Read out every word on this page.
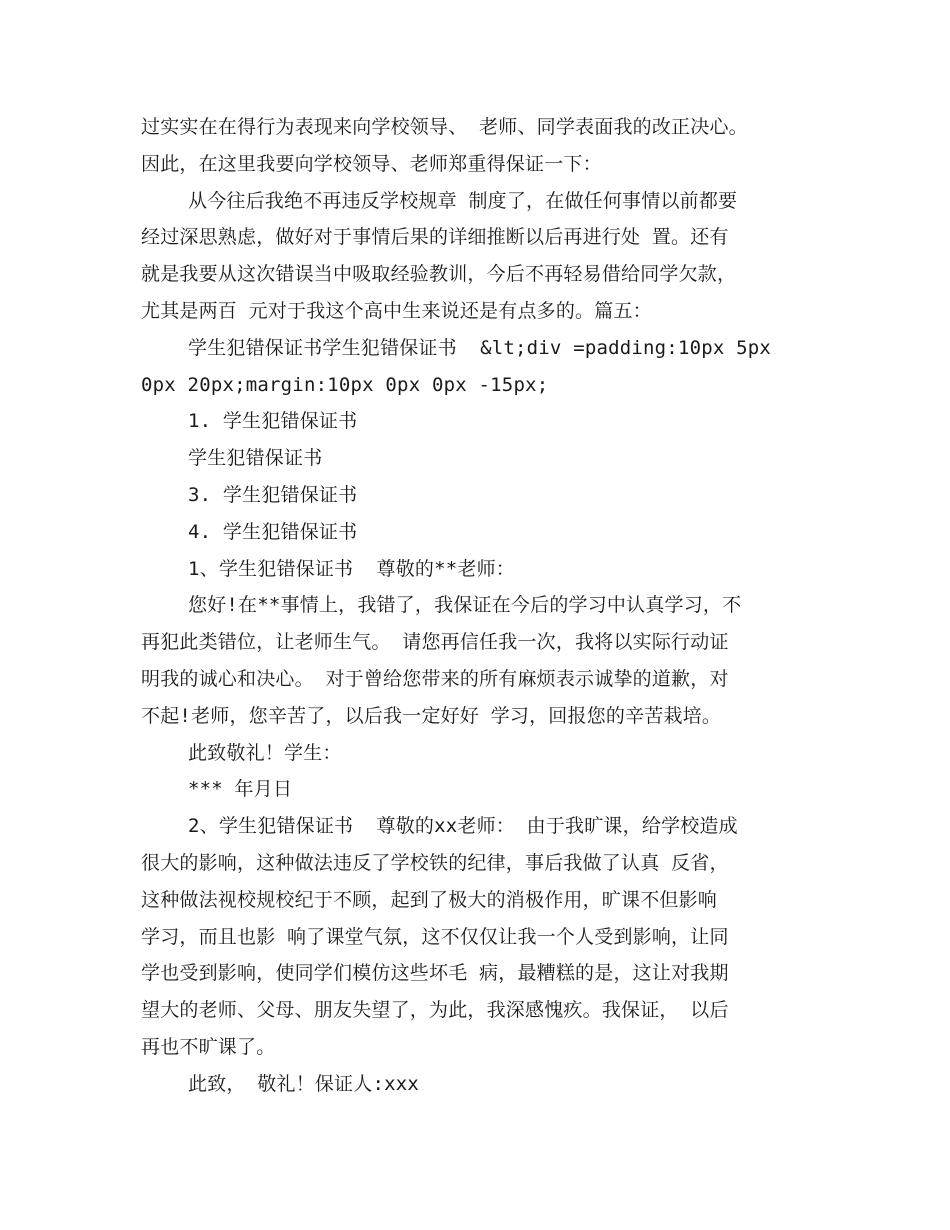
过实实在在得行为表现来向学校领导、 老师、同学表面我的改正决心。
因此，在这里我要向学校领导、老师郑重得保证一下：
从今往后我绝不再违反学校规章 制度了，在做任何事情以前都要
经过深思熟虑，做好对于事情后果的详细推断以后再进行处 置。还有
就是我要从这次错误当中吸取经验教训，今后不再轻易借给同学欠款，
尤其是两百 元对于我这个高中生来说还是有点多的。篇五：
学生犯错保证书学生犯错保证书  &lt;div =padding:10px 5px
0px 20px;margin:10px 0px 0px -15px;
1. 学生犯错保证书
学生犯错保证书
3. 学生犯错保证书
4. 学生犯错保证书
1、学生犯错保证书  尊敬的**老师：
您好!在**事情上，我错了，我保证在今后的学习中认真学习，不
再犯此类错位，让老师生气。 请您再信任我一次，我将以实际行动证
明我的诚心和决心。 对于曾给您带来的所有麻烦表示诚挚的道歉，对
不起!老师，您辛苦了，以后我一定好好 学习，回报您的辛苦栽培。
此致敬礼！学生：
*** 年月日
2、学生犯错保证书  尊敬的xx老师： 由于我旷课，给学校造成
很大的影响，这种做法违反了学校铁的纪律，事后我做了认真 反省，
这种做法视校规校纪于不顾，起到了极大的消极作用，旷课不但影响
学习，而且也影 响了课堂气氛，这不仅仅让我一个人受到影响，让同
学也受到影响，使同学们模仿这些坏毛 病，最糟糕的是，这让对我期
望大的老师、父母、朋友失望了，为此，我深感愧疚。我保证， 以后
再也不旷课了。
此致， 敬礼！保证人:xxx
